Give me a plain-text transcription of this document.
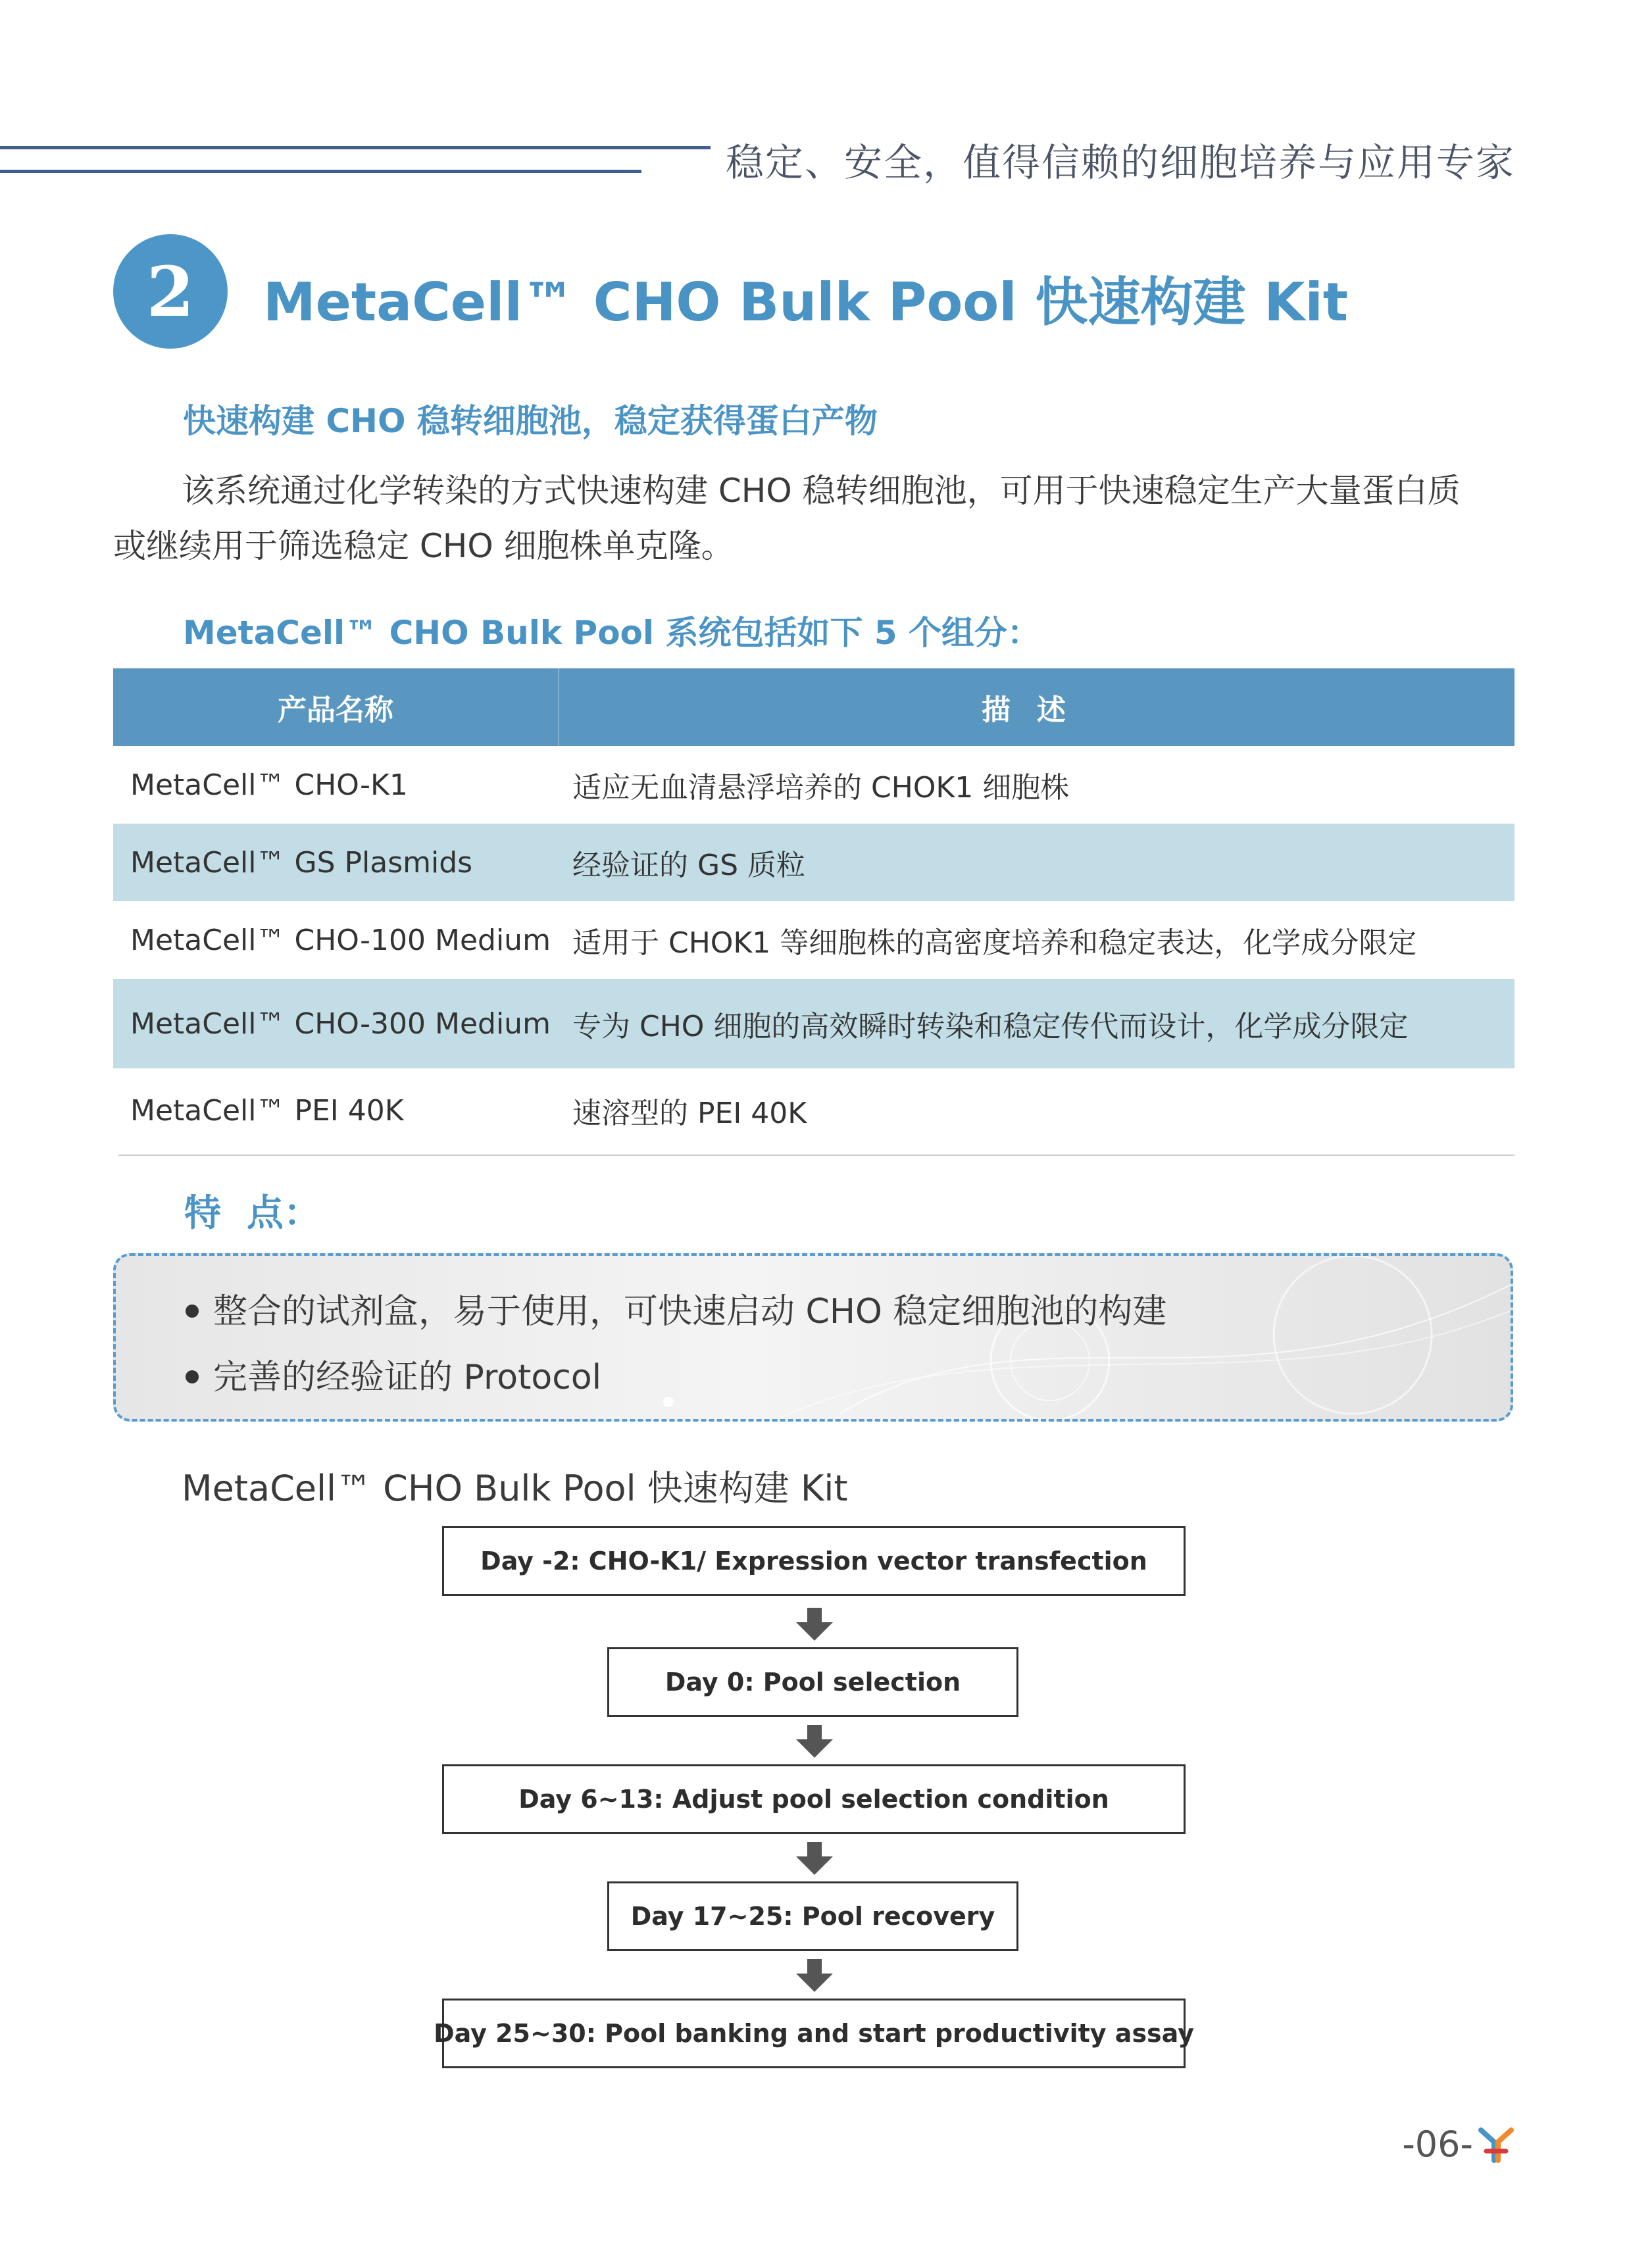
稳定、安全，值得信赖的细胞培养与应用专家
2	MetaCell™ CHO Bulk Pool 快速构建 Kit
快速构建 CHO 稳转细胞池，稳定获得蛋白产物
该系统通过化学转染的方式快速构建 CHO 稳转细胞池，可用于快速稳定生产大量蛋白质
或继续用于筛选稳定 CHO 细胞株单克隆。
MetaCell™ CHO Bulk Pool 系统包括如下 5 个组分：
产品名称	描述
MetaCell™ CHO-K1	适应无血清悬浮培养的 CHOK1 细胞株
MetaCell™ GS Plasmids	经验证的 GS 质粒
MetaCell™ CHO-100 Medium 适用于 CHOK1 等细胞株的高密度培养和稳定表达，化学成分限定
MetaCell™ CHO-300 Medium 专为 CHO 细胞的高效瞬时转染和稳定传代而设计，化学成分限定
MetaCell™ PEI 40K	速溶型的 PEI 40K
特  点：
整合的试剂盒，易于使用，可快速启动 CHO 稳定细胞池的构建
完善的经验证的 Protocol
MetaCell™ CHO Bulk Pool 快速构建 Kit
Day -2: CHO-K1/ Expression vector transfection
Day 0: Pool selection
Day 6~13: Adjust pool selection condition
Day 17~25: Pool recovery
Day 25~30: Pool banking and start productivity assay
-06-
